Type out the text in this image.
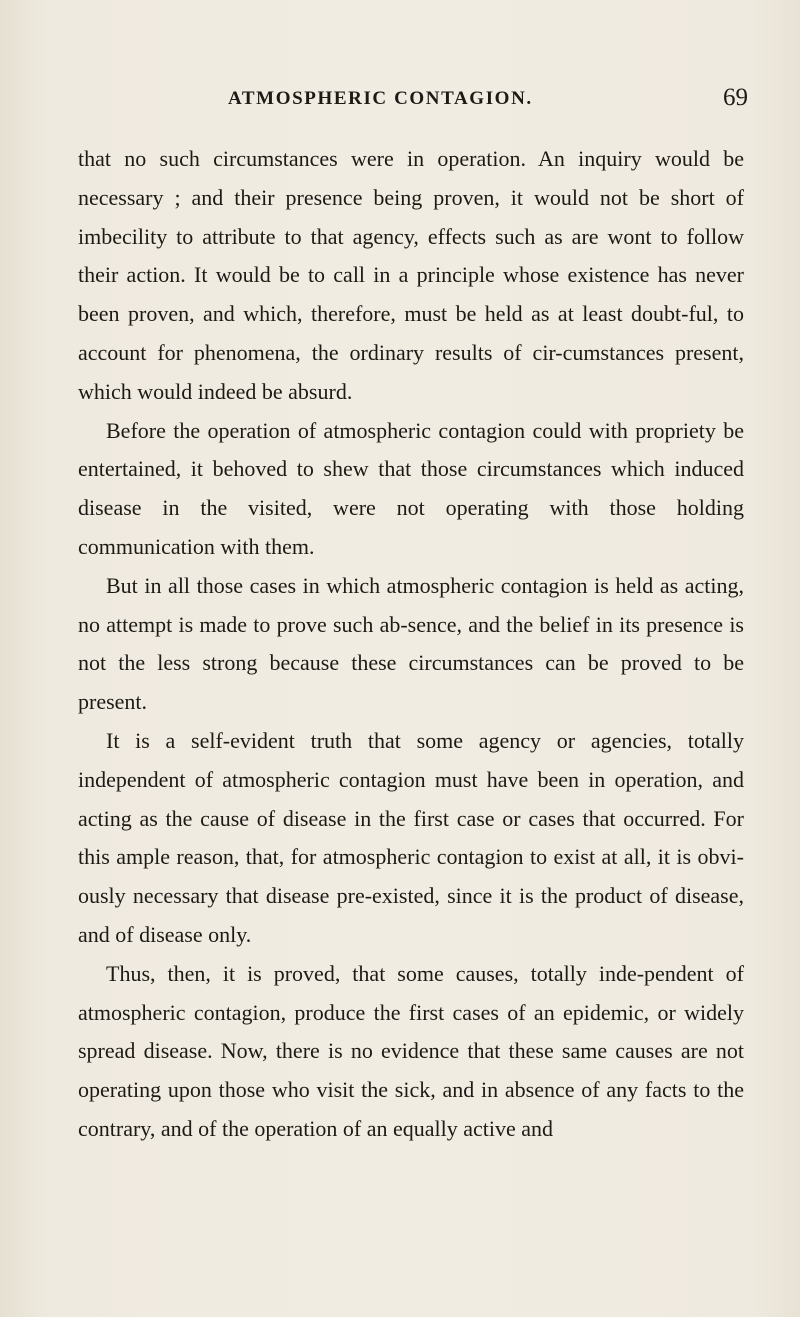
ATMOSPHERIC CONTAGION.	69

that no such circumstances were in operation. An inquiry would be necessary ; and their presence being proven, it would not be short of imbecility to attribute to that agency, effects such as are wont to follow their action. It would be to call in a principle whose existence has never been proven, and which, therefore, must be held as at least doubt-ful, to account for phenomena, the ordinary results of cir-cumstances present, which would indeed be absurd.

Before the operation of atmospheric contagion could with propriety be entertained, it behoved to shew that those circumstances which induced disease in the visited, were not operating with those holding communication with them.

But in all those cases in which atmospheric contagion is held as acting, no attempt is made to prove such ab-sence, and the belief in its presence is not the less strong because these circumstances can be proved to be present.

It is a self-evident truth that some agency or agencies, totally independent of atmospheric contagion must have been in operation, and acting as the cause of disease in the first case or cases that occurred. For this ample reason, that, for atmospheric contagion to exist at all, it is obvi-ously necessary that disease pre-existed, since it is the product of disease, and of disease only.

Thus, then, it is proved, that some causes, totally inde-pendent of atmospheric contagion, produce the first cases of an epidemic, or widely spread disease. Now, there is no evidence that these same causes are not operating upon those who visit the sick, and in absence of any facts to the contrary, and of the operation of an equally active and
